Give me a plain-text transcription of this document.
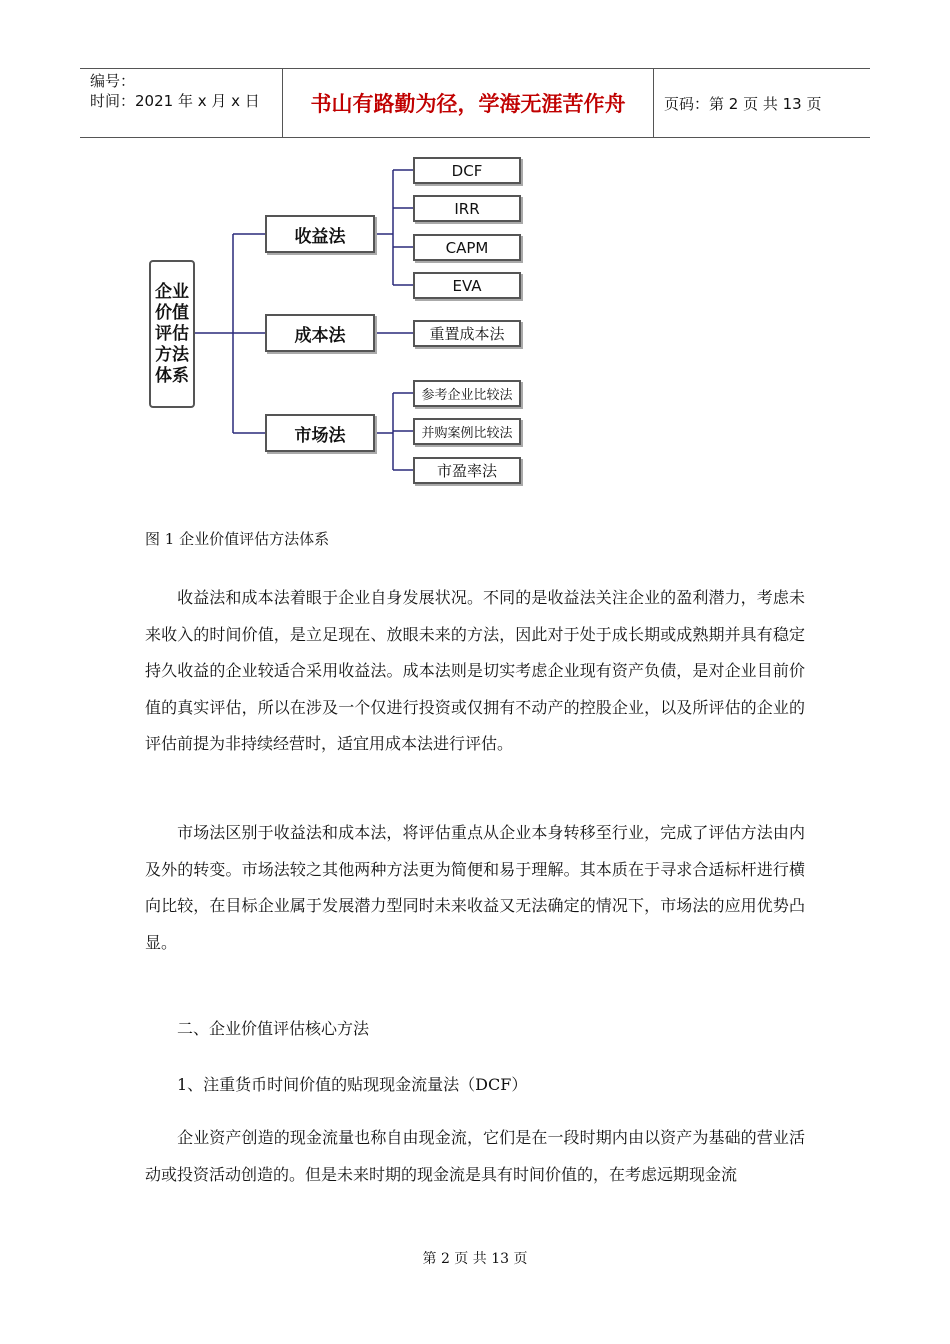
编号：
时间：2021 年 x 月 x 日	书山有路勤为径，学海无涯苦作舟	页码：第 2 页 共 13 页
企业
价值
评估
方法
体系
收益法
成本法
市场法
DCF
IRR
CAPM
EVA
重置成本法
参考企业比较法
并购案例比较法
市盈率法
图 1 企业价值评估方法体系
收益法和成本法着眼于企业自身发展状况。不同的是收益法关注企业的盈利潜力，考虑未来收入的时间价值，是立足现在、放眼未来的方法，因此对于处于成长期或成熟期并具有稳定持久收益的企业较适合采用收益法。成本法则是切实考虑企业现有资产负债，是对企业目前价值的真实评估，所以在涉及一个仅进行投资或仅拥有不动产的控股企业，以及所评估的企业的评估前提为非持续经营时，适宜用成本法进行评估。
市场法区别于收益法和成本法，将评估重点从企业本身转移至行业，完成了评估方法由内及外的转变。市场法较之其他两种方法更为简便和易于理解。其本质在于寻求合适标杆进行横向比较，在目标企业属于发展潜力型同时未来收益又无法确定的情况下，市场法的应用优势凸显。
二、企业价值评估核心方法
1、注重货币时间价值的贴现现金流量法（DCF）
企业资产创造的现金流量也称自由现金流，它们是在一段时期内由以资产为基础的营业活动或投资活动创造的。但是未来时期的现金流是具有时间价值的，在考虑远期现金流
第 2 页 共 13 页
